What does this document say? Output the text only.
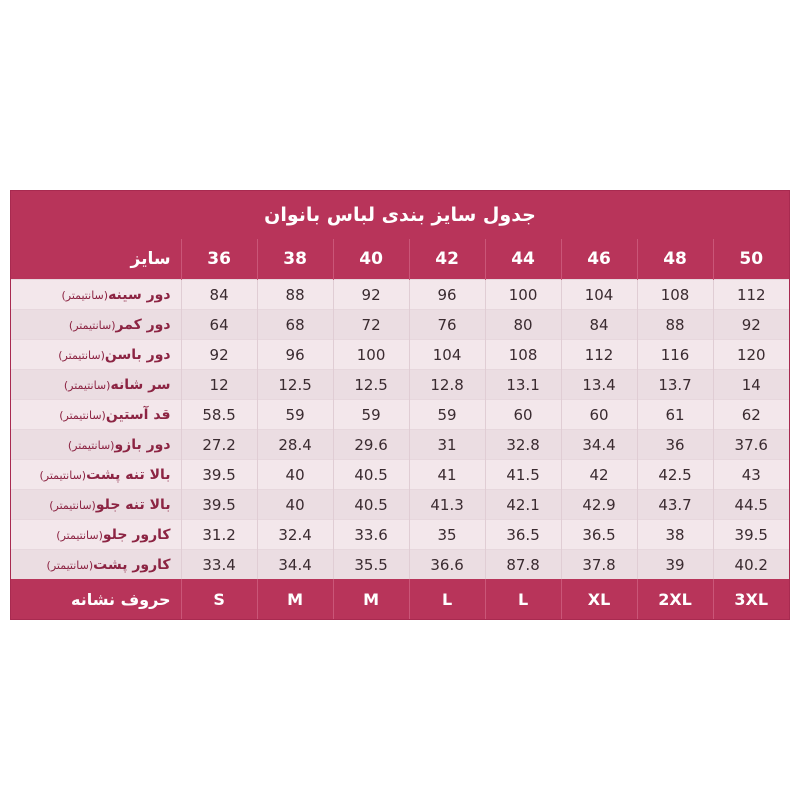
جدول سایز بندی لباس بانوان								
50	48	46	44	42	40	38	36	سایز
112	108	104	100	96	92	88	84	دور سینه(سانتیمتر)
92	88	84	80	76	72	68	64	دور کمر(سانتیمتر)
120	116	112	108	104	100	96	92	دور باسن(سانتیمتر)
14	13.7	13.4	13.1	12.8	12.5	12.5	12	سر شانه(سانتیمتر)
62	61	60	60	59	59	59	58.5	قد آستین(سانتیمتر)
37.6	36	34.4	32.8	31	29.6	28.4	27.2	دور بازو(سانتیمتر)
43	42.5	42	41.5	41	40.5	40	39.5	بالا تنه پشت(سانتیمتر)
44.5	43.7	42.9	42.1	41.3	40.5	40	39.5	بالا تنه جلو(سانتیمتر)
39.5	38	36.5	36.5	35	33.6	32.4	31.2	کارور جلو(سانتیمتر)
40.2	39	37.8	87.8	36.6	35.5	34.4	33.4	کارور پشت(سانتیمتر)
3XL	2XL	XL	L	L	M	M	S	حروف نشانه
